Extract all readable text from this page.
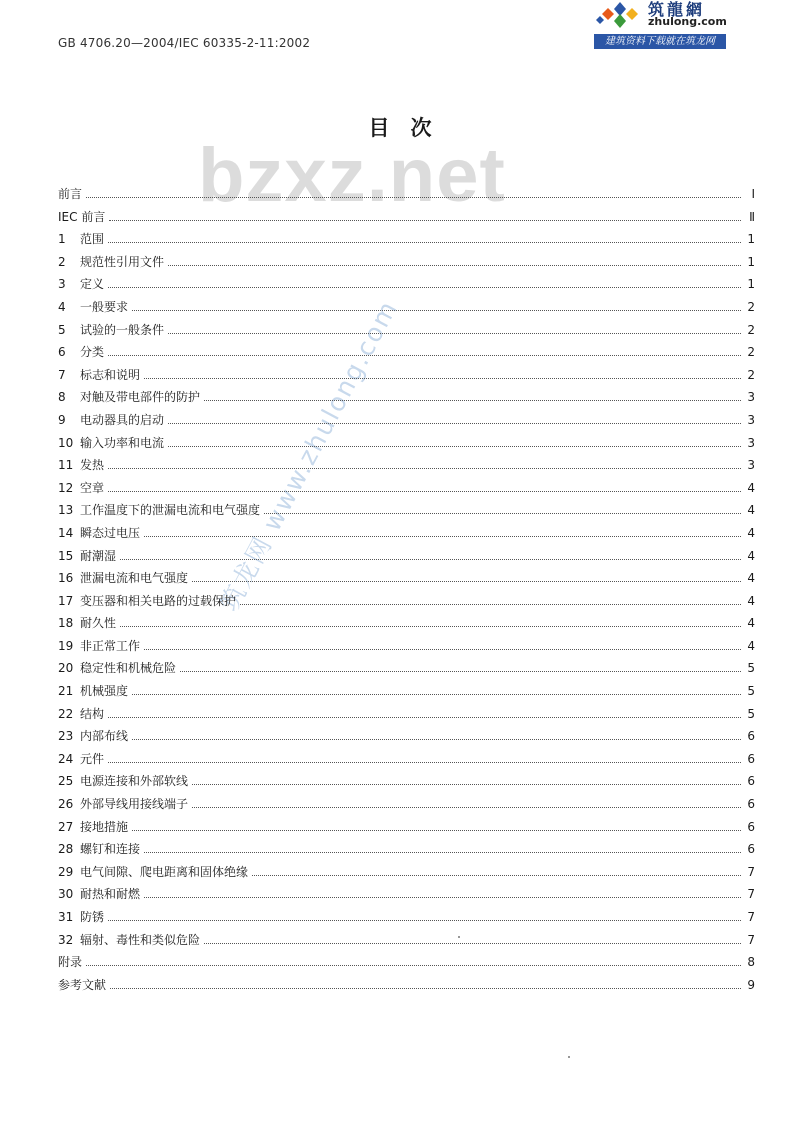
GB 4706.20—2004/IEC 60335-2-11:2002
筑龍網
zhulong.com
建筑资料下载就在筑龙网
bzxz.net
筑龙网 www.zhulong.com
目　次
前言	I
IEC 前言	Ⅱ
1	范围	1
2	规范性引用文件	1
3	定义	1
4	一般要求	2
5	试验的一般条件	2
6	分类	2
7	标志和说明	2
8	对触及带电部件的防护	3
9	电动器具的启动	3
10 输入功率和电流	3
11 发热	3
12 空章	4
13 工作温度下的泄漏电流和电气强度	4
14 瞬态过电压	4
15 耐潮湿	4
16 泄漏电流和电气强度	4
17 变压器和相关电路的过载保护	4
18 耐久性	4
19 非正常工作	4
20 稳定性和机械危险	5
21 机械强度	5
22 结构	5
23 内部布线	6
24 元件	6
25 电源连接和外部软线	6
26 外部导线用接线端子	6
27 接地措施	6
28 螺钉和连接	6
29 电气间隙、爬电距离和固体绝缘	7
30 耐热和耐燃	7
31 防锈	7
32 辐射、毒性和类似危险	7
附录	8
参考文献	9
